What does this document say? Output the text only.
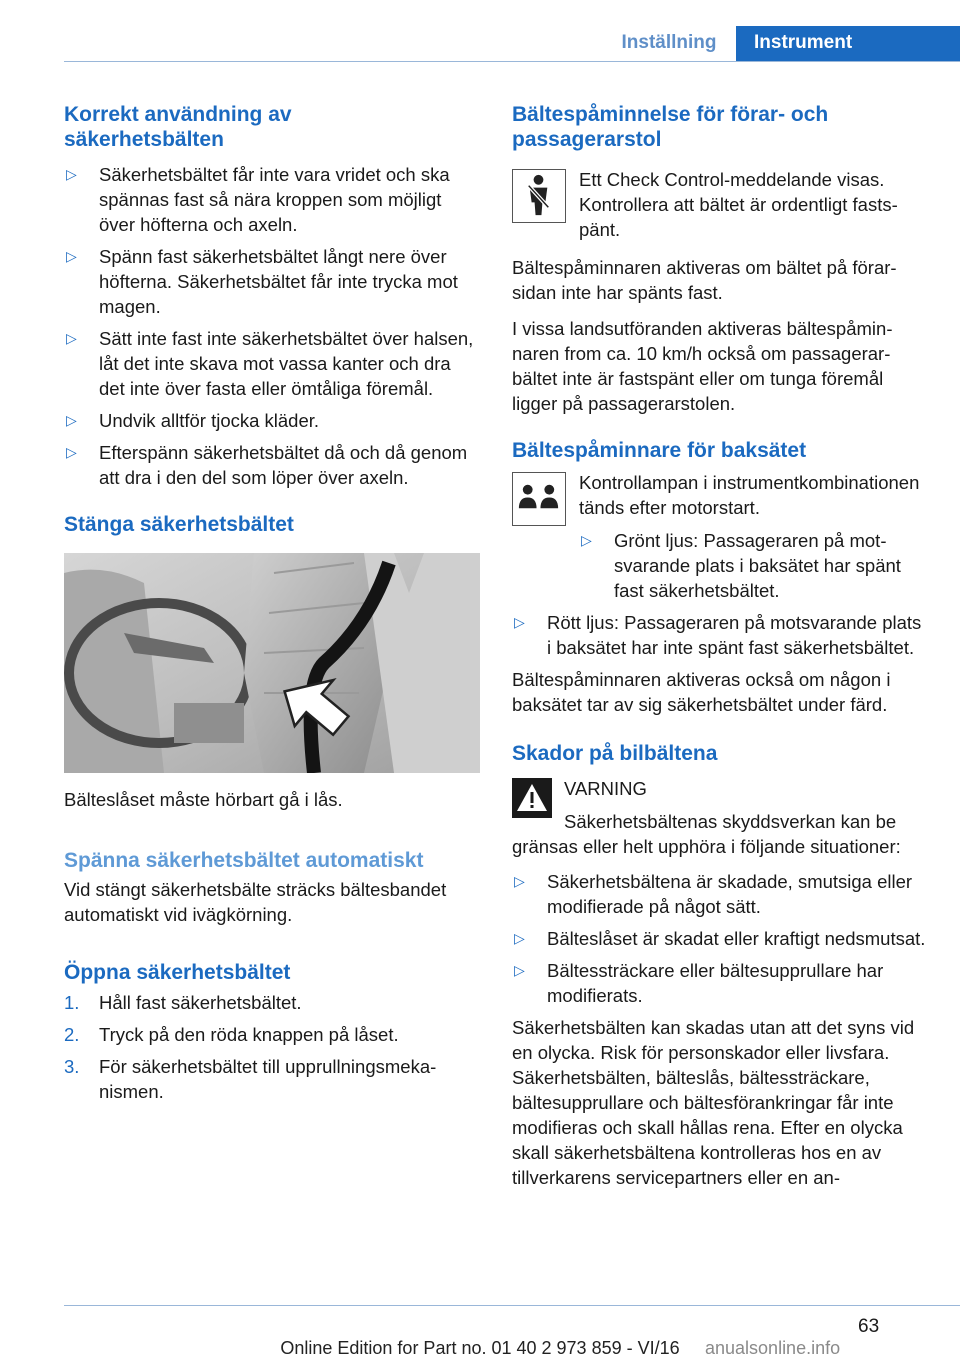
Inställning	Instrument
Korrekt användning av säkerhetsbälten
▷ Säkerhetsbältet får inte vara vridet och ska spännas fast så nära kroppen som möjligt över höfterna och axeln.
▷ Spänn fast säkerhetsbältet långt nere över höfterna. Säkerhetsbältet får inte trycka mot magen.
▷ Sätt inte fast inte säkerhetsbältet över halsen, låt det inte skava mot vassa kanter och dra det inte över fasta eller ömtåliga föremål.
▷ Undvik alltför tjocka kläder.
▷ Efterspänn säkerhetsbältet då och då genom att dra i den del som löper över axeln.
Stänga säkerhetsbältet

Bälteslåset måste hörbart gå i lås.

Spänna säkerhetsbältet automatiskt

Vid stängt säkerhetsbälte sträcks bältesbandet automatiskt vid ivägkörning.

Öppna säkerhetsbältet
1. Håll fast säkerhetsbältet.
2. Tryck på den röda knappen på låset.
3. För säkerhetsbältet till upprullningsmekanismen.
Bältespåminnelse för förar- och passagerarstol

Ett Check Control-meddelande visas. Kontrollera att bältet är ordentligt fastspänt.

Bältespåminnaren aktiveras om bältet på förarsidan inte har spänts fast.

I vissa landsutföranden aktiveras bältespåminnaren from ca. 10 km/h också om passagerarbältet inte är fastspänt eller om tunga föremål ligger på passagerarstolen.

Bältespåminnare för baksätet

Kontrollampan i instrumentkombinationen tänds efter motorstart.

▷ Grönt ljus: Passageraren på motsvarande plats i baksätet har spänt fast säkerhetsbältet.
▷ Rött ljus: Passageraren på motsvarande plats i baksätet har inte spänt fast säkerhetsbältet.

Bältespåminnaren aktiveras också om någon i baksätet tar av sig säkerhetsbältet under färd.

Skador på bilbältena

VARNING

Säkerhetsbältenas skyddsverkan kan be

gränsas eller helt upphöra i följande situationer:

▷ Säkerhetsbältena är skadade, smutsiga eller modifierade på något sätt.
▷ Bälteslåset är skadat eller kraftigt nedsmutsat.
▷ Bältessträckare eller bältesupprullare har modifierats.

Säkerhetsbälten kan skadas utan att det syns vid en olycka. Risk för personskador eller livsfara. Säkerhetsbälten, bälteslås, bältessträckare, bältesupprullare och bältesförankringar får inte modifieras och skall hållas rena. Efter en olycka skall säkerhetsbältena kontrolleras hos en av tillverkarens servicepartners eller en an-

63
Online Edition for Part no. 01 40 2 973 859 - VI/16	anualsonline.info
